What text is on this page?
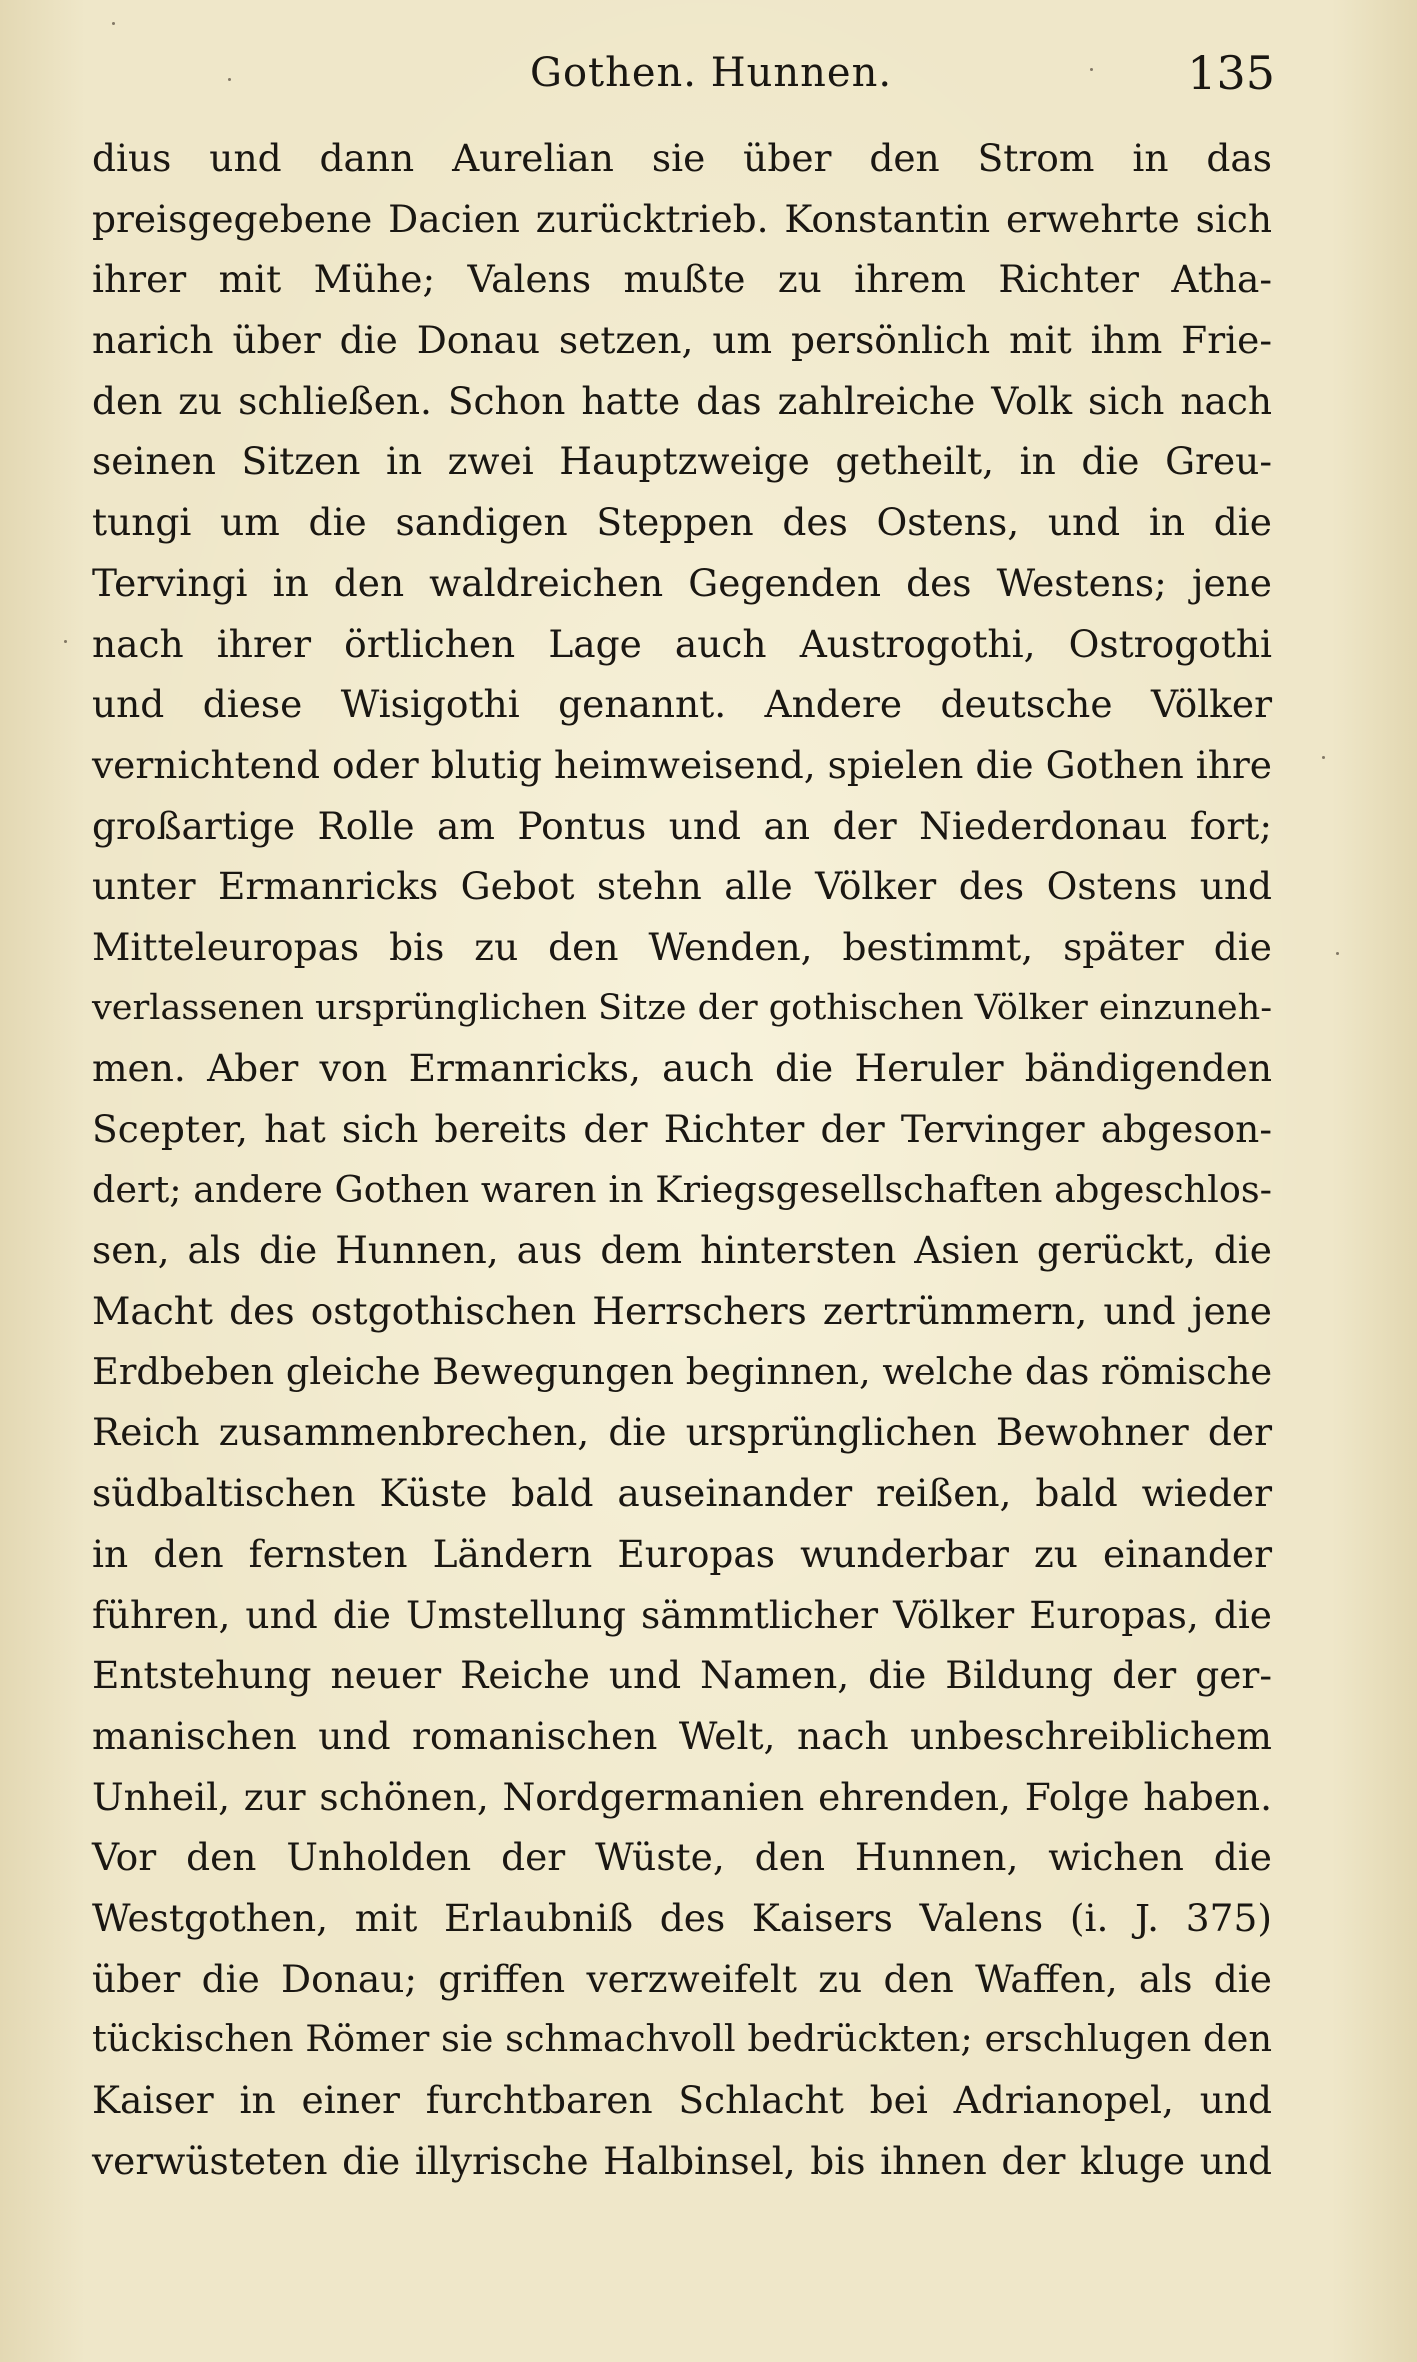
Gothen. Hunnen.	135
dius und dann Aurelian sie über den Strom in das
preisgegebene Dacien zurücktrieb. Konstantin erwehrte sich
ihrer mit Mühe; Valens mußte zu ihrem Richter Atha-
narich über die Donau setzen, um persönlich mit ihm Frie-
den zu schließen. Schon hatte das zahlreiche Volk sich nach
seinen Sitzen in zwei Hauptzweige getheilt, in die Greu-
tungi um die sandigen Steppen des Ostens, und in die
Tervingi in den waldreichen Gegenden des Westens; jene
nach ihrer örtlichen Lage auch Austrogothi, Ostrogothi
und diese Wisigothi genannt. Andere deutsche Völker
vernichtend oder blutig heimweisend, spielen die Gothen ihre
großartige Rolle am Pontus und an der Niederdonau fort;
unter Ermanricks Gebot stehn alle Völker des Ostens und
Mitteleuropas bis zu den Wenden, bestimmt, später die
verlassenen ursprünglichen Sitze der gothischen Völker einzuneh-
men. Aber von Ermanricks, auch die Heruler bändigenden
Scepter, hat sich bereits der Richter der Tervinger abgeson-
dert; andere Gothen waren in Kriegsgesellschaften abgeschlos-
sen, als die Hunnen, aus dem hintersten Asien gerückt, die
Macht des ostgothischen Herrschers zertrümmern, und jene
Erdbeben gleiche Bewegungen beginnen, welche das römische
Reich zusammenbrechen, die ursprünglichen Bewohner der
südbaltischen Küste bald auseinander reißen, bald wieder
in den fernsten Ländern Europas wunderbar zu einander
führen, und die Umstellung sämmtlicher Völker Europas, die
Entstehung neuer Reiche und Namen, die Bildung der ger-
manischen und romanischen Welt, nach unbeschreiblichem
Unheil, zur schönen, Nordgermanien ehrenden, Folge haben.
Vor den Unholden der Wüste, den Hunnen, wichen die
Westgothen, mit Erlaubniß des Kaisers Valens (i. J. 375)
über die Donau; griffen verzweifelt zu den Waffen, als die
tückischen Römer sie schmachvoll bedrückten; erschlugen den
Kaiser in einer furchtbaren Schlacht bei Adrianopel, und
verwüsteten die illyrische Halbinsel, bis ihnen der kluge und
